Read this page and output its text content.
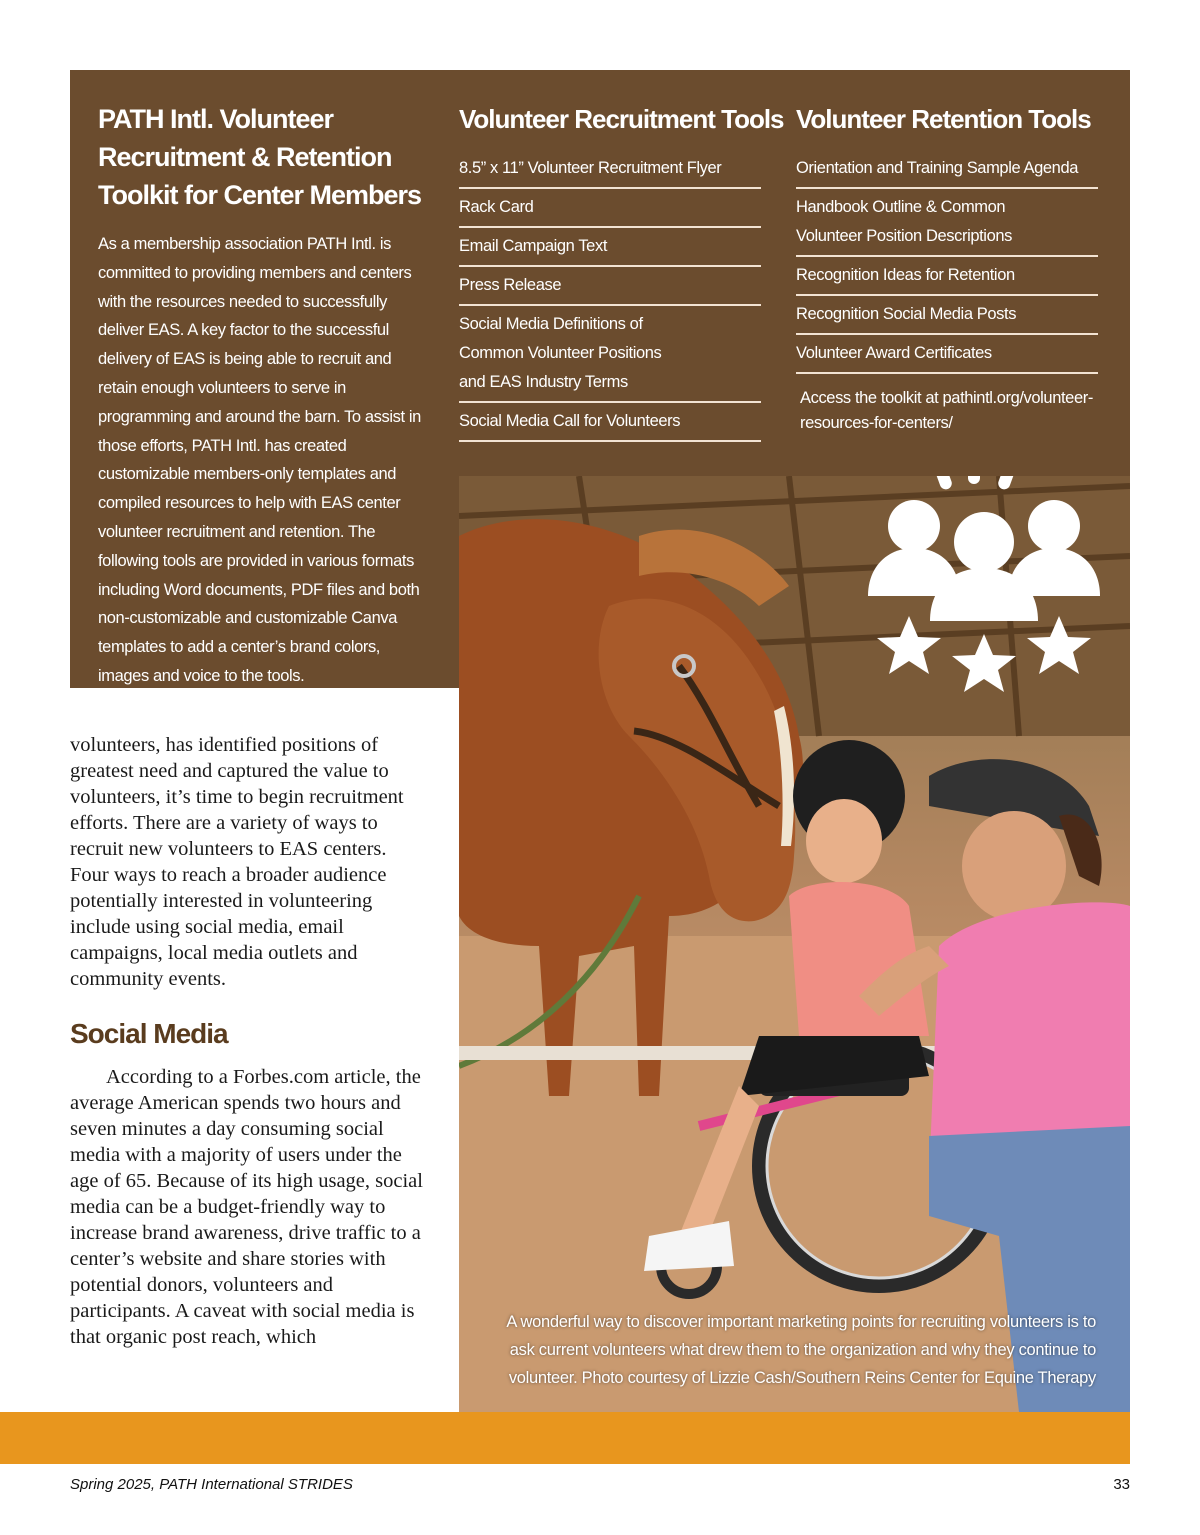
PATH Intl. Volunteer Recruitment & Retention Toolkit for Center Members
As a membership association PATH Intl. is committed to providing members and centers with the resources needed to successfully deliver EAS. A key factor to the successful delivery of EAS is being able to recruit and retain enough volunteers to serve in programming and around the barn. To assist in those efforts, PATH Intl. has created customizable members-only templates and compiled resources to help with EAS center volunteer recruitment and retention. The following tools are provided in various formats including Word documents, PDF files and both non-customizable and customizable Canva templates to add a center’s brand colors, images and voice to the tools.
Volunteer Recruitment Tools
8.5” x 11” Volunteer Recruitment Flyer
Rack Card
Email Campaign Text
Press Release
Social Media Definitions of Common Volunteer Positions and EAS Industry Terms
Social Media Call for Volunteers
Volunteer Retention Tools
Orientation and Training Sample Agenda
Handbook Outline & Common Volunteer Position Descriptions
Recognition Ideas for Retention
Recognition Social Media Posts
Volunteer Award Certificates
Access the toolkit at pathintl.org/volunteer-resources-for-centers/
A wonderful way to discover important marketing points for recruiting volunteers is to ask current volunteers what drew them to the organization and why they continue to volunteer. Photo courtesy of Lizzie Cash/Southern Reins Center for Equine Therapy

volunteers, has identified positions of greatest need and captured the value to volunteers, it’s time to begin recruitment efforts. There are a variety of ways to recruit new volunteers to EAS centers. Four ways to reach a broader audience potentially interested in volunteering include using social media, email campaigns, local media outlets and community events.

Social Media

According to a Forbes.com article, the average American spends two hours and seven minutes a day consuming social media with a majority of users under the age of 65. Because of its high usage, social media can be a budget-friendly way to increase brand awareness, drive traffic to a center’s website and share stories with potential donors, volunteers and participants. A caveat with social media is that organic post reach, which

Spring 2025, PATH International STRIDES	33
